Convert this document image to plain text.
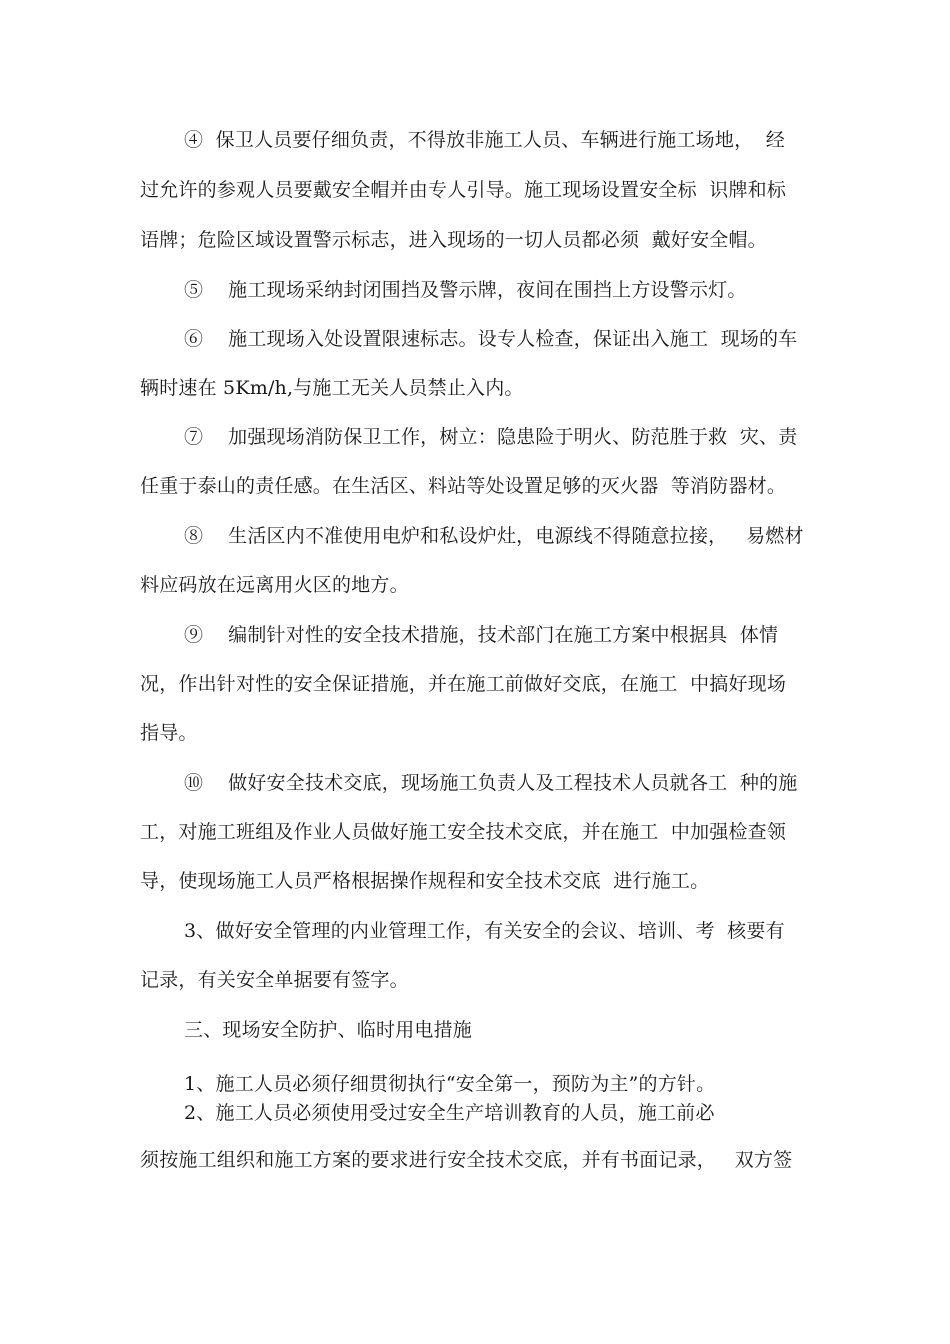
④  保卫人员要仔细负责，不得放非施工人员、车辆进行施工场地，  经
过允许的参观人员要戴安全帽并由专人引导。施工现场设置安全标  识牌和标
语牌；危险区域设置警示标志，进入现场的一切人员都必须  戴好安全帽。
⑤    施工现场采纳封闭围挡及警示牌，夜间在围挡上方设警示灯。
⑥    施工现场入处设置限速标志。设专人检查，保证出入施工  现场的车
辆时速在 5Km/h,与施工无关人员禁止入内。
⑦    加强现场消防保卫工作，树立：隐患险于明火、防范胜于救  灾、责
任重于泰山的责任感。在生活区、料站等处设置足够的灭火器  等消防器材。
⑧    生活区内不准使用电炉和私设炉灶，电源线不得随意拉接，   易燃材
料应码放在远离用火区的地方。
⑨    编制针对性的安全技术措施，技术部门在施工方案中根据具  体情
况，作出针对性的安全保证措施，并在施工前做好交底，在施工  中搞好现场
指导。
⑩    做好安全技术交底，现场施工负责人及工程技术人员就各工  种的施
工，对施工班组及作业人员做好施工安全技术交底，并在施工  中加强检查领
导，使现场施工人员严格根据操作规程和安全技术交底  进行施工。
3、做好安全管理的内业管理工作，有关安全的会议、培训、考  核要有
记录，有关安全单据要有签字。
三、现场安全防护、临时用电措施
1、施工人员必须仔细贯彻执行“安全第一，预防为主”的方针。
2、施工人员必须使用受过安全生产培训教育的人员，施工前必
须按施工组织和施工方案的要求进行安全技术交底，并有书面记录，   双方签
